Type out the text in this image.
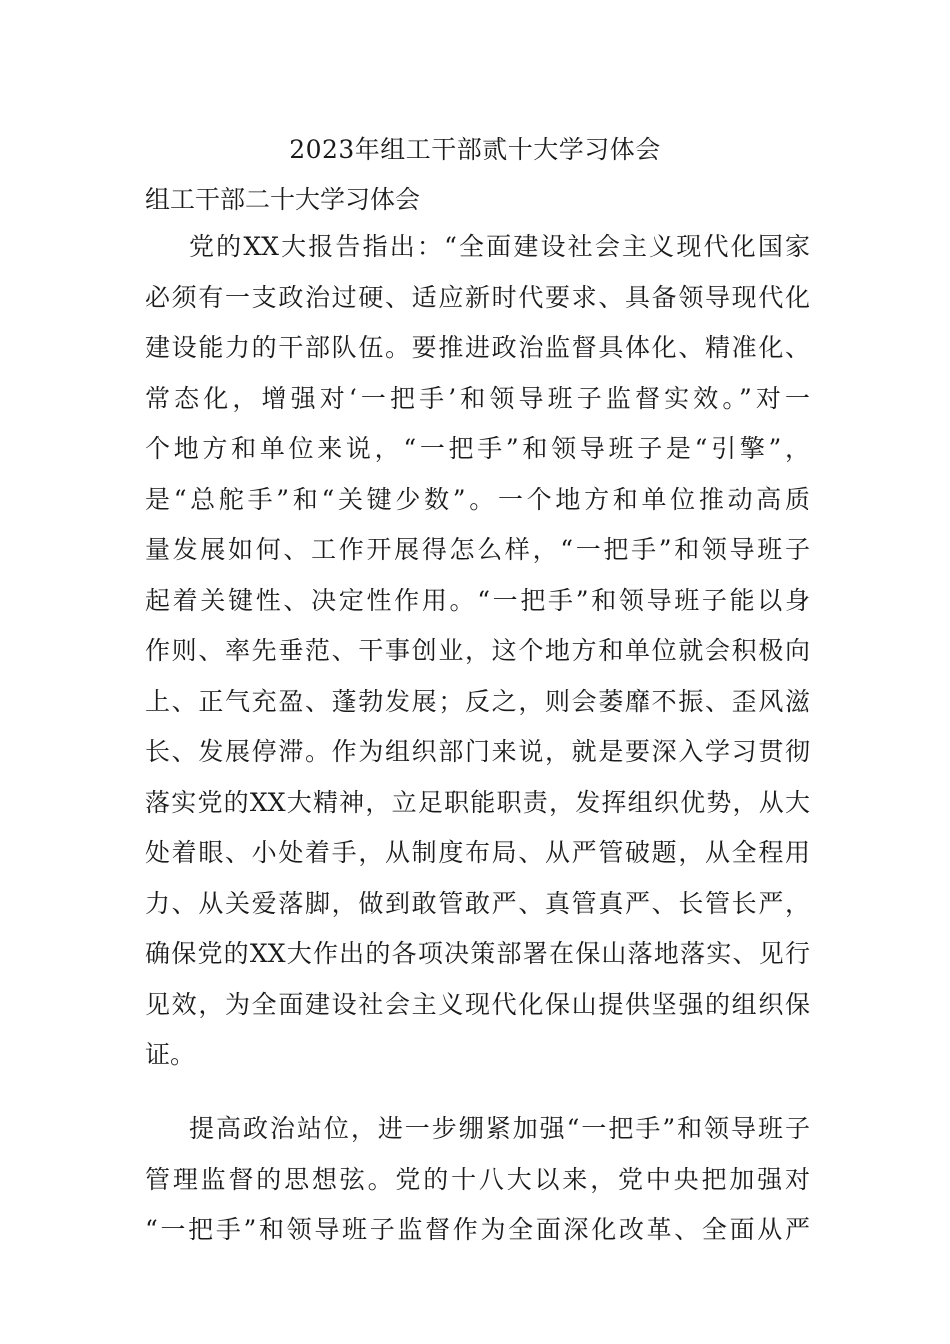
2023年组工干部贰十大学习体会
组工干部二十大学习体会
党的XX大报告指出：“全面建设社会主义现代化国家
必须有一支政治过硬、适应新时代要求、具备领导现代化
建设能力的干部队伍。要推进政治监督具体化、精准化、
常态化，增强对‘一把手’和领导班子监督实效。”对一
个地方和单位来说，“一把手”和领导班子是“引擎”，
是“总舵手”和“关键少数”。一个地方和单位推动高质
量发展如何、工作开展得怎么样，“一把手”和领导班子
起着关键性、决定性作用。“一把手”和领导班子能以身
作则、率先垂范、干事创业，这个地方和单位就会积极向
上、正气充盈、蓬勃发展；反之，则会萎靡不振、歪风滋
长、发展停滞。作为组织部门来说，就是要深入学习贯彻
落实党的XX大精神，立足职能职责，发挥组织优势，从大
处着眼、小处着手，从制度布局、从严管破题，从全程用
力、从关爱落脚，做到敢管敢严、真管真严、长管长严，
确保党的XX大作出的各项决策部署在保山落地落实、见行
见效，为全面建设社会主义现代化保山提供坚强的组织保
证。
提高政治站位，进一步绷紧加强“一把手”和领导班子
管理监督的思想弦。党的十八大以来，党中央把加强对
“一把手”和领导班子监督作为全面深化改革、全面从严
